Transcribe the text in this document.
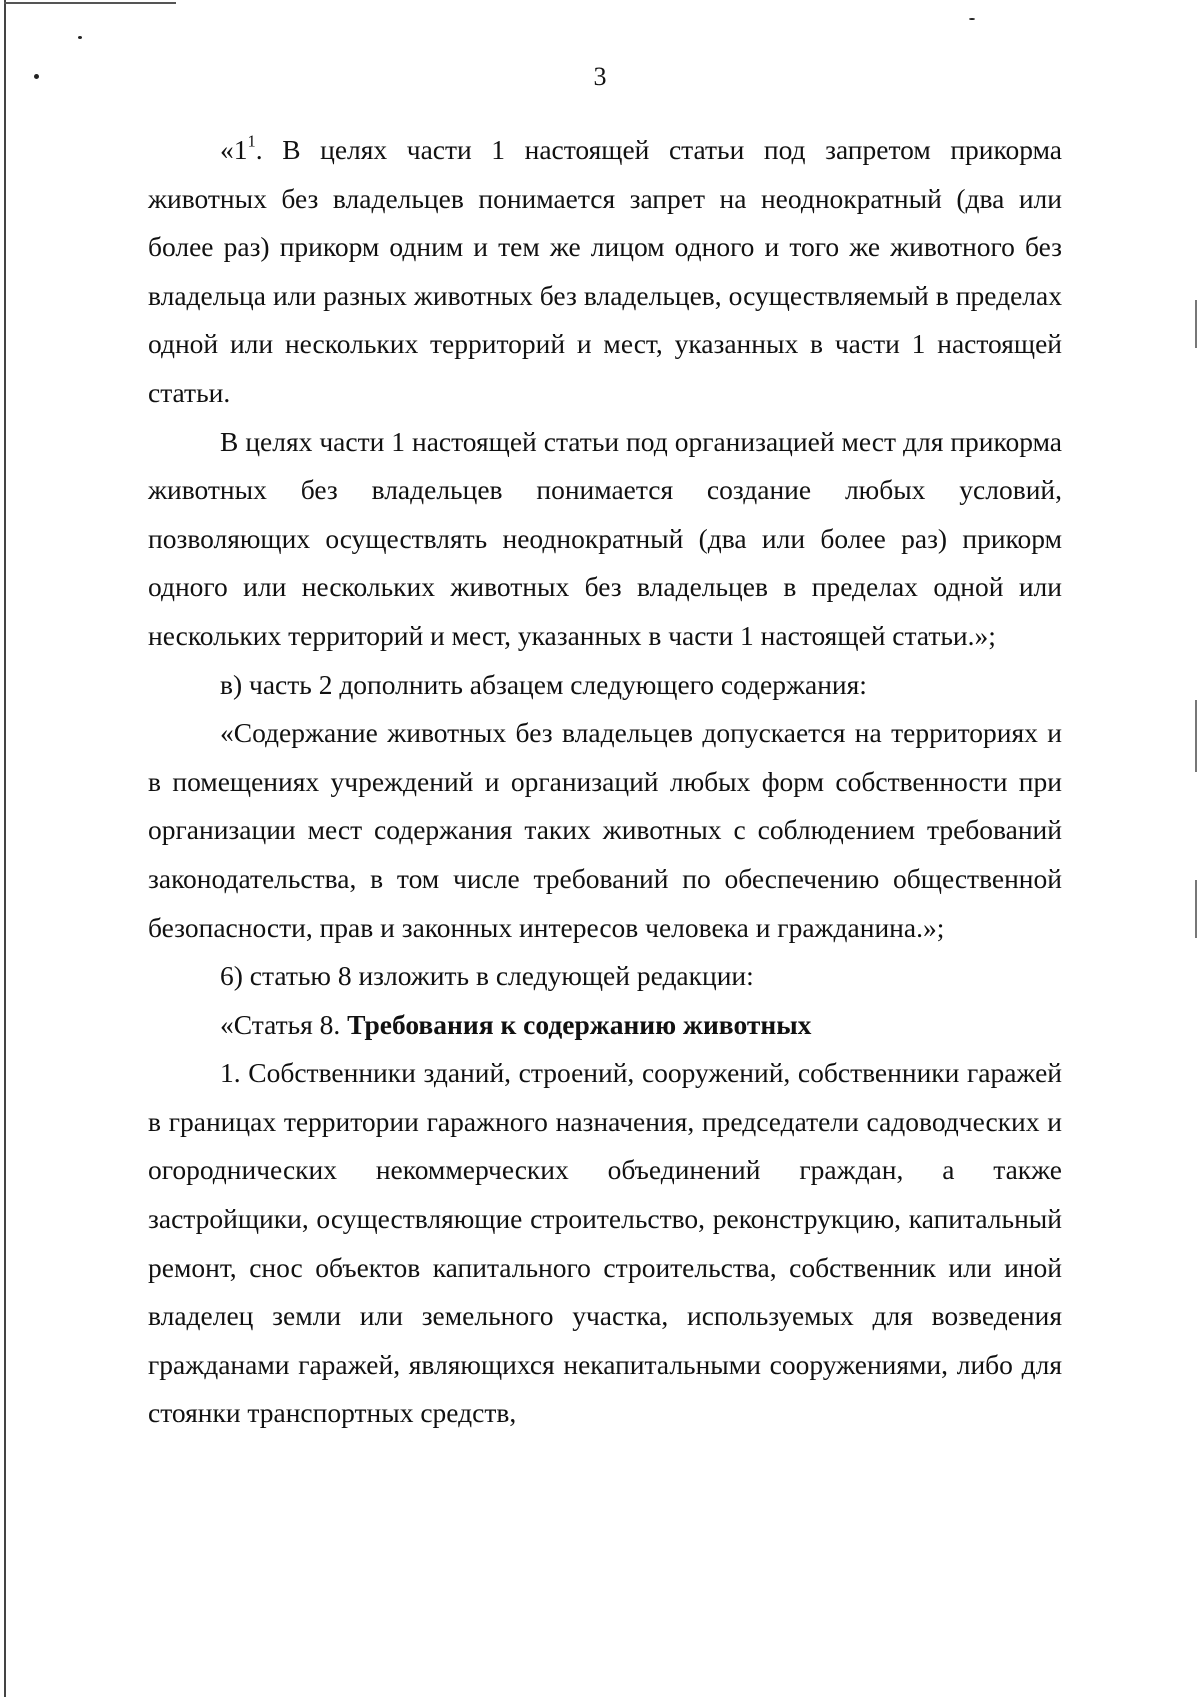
3

«$1^1$. В целях части 1 настоящей статьи под запретом прикорма животных без владельцев понимается запрет на неоднократный (два или более раз) прикорм одним и тем же лицом одного и того же животного без владельца или разных животных без владельцев, осуществляемый в пределах одной или нескольких территорий и мест, указанных в части 1 настоящей статьи.

В целях части 1 настоящей статьи под организацией мест для прикорма животных без владельцев понимается создание любых условий, позволяющих осуществлять неоднократный (два или более раз) прикорм одного или нескольких животных без владельцев в пределах одной или нескольких территорий и мест, указанных в части 1 настоящей статьи.»;

в) часть 2 дополнить абзацем следующего содержания:

«Содержание животных без владельцев допускается на территориях и в помещениях учреждений и организаций любых форм собственности при организации мест содержания таких животных с соблюдением требований законодательства, в том числе требований по обеспечению общественной безопасности, прав и законных интересов человека и гражданина.»;

6) статью 8 изложить в следующей редакции:

«Статья 8. Требования к содержанию животных

1. Собственники зданий, строений, сооружений, собственники гаражей в границах территории гаражного назначения, председатели садоводческих и огороднических некоммерческих объединений граждан, а также застройщики, осуществляющие строительство, реконструкцию, капитальный ремонт, снос объектов капитального строительства, собственник или иной владелец земли или земельного участка, используемых для возведения гражданами гаражей, являющихся некапитальными сооружениями, либо для стоянки транспортных средств,
